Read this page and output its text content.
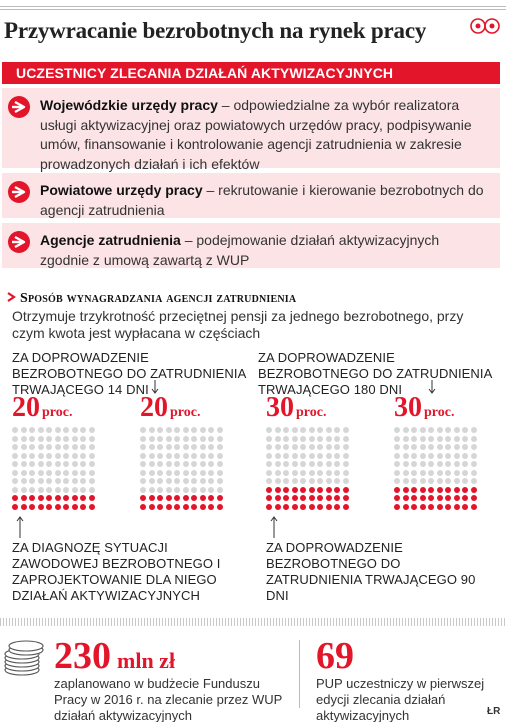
Przywracanie bezrobotnych na rynek pracy
UCZESTNICY ZLECANIA DZIAŁAŃ AKTYWIZACYJNYCH
Wojewódzkie urzędy pracy – odpowiedzialne za wybór realizatora usługi aktywizacyjnej oraz powiatowych urzędów pracy, podpisywanie umów, finansowanie i kontrolowanie agencji zatrudnienia w zakresie prowadzonych działań i ich efektów
Powiatowe urzędy pracy – rekrutowanie i kierowanie bezrobotnych do agencji zatrudnienia
Agencje zatrudnienia – podejmowanie działań aktywizacyjnych zgodnie z umową zawartą z WUP
Sposób wynagradzania agencji zatrudnienia
Otrzymuje trzykrotność przeciętnej pensji za jednego bezrobotnego, przy czym kwota jest wypłacana w częściach
ZA DOPROWADZENIE BEZROBOTNEGO DO ZATRUDNIENIA TRWAJĄCEGO 14 DNI
ZA DOPROWADZENIE BEZROBOTNEGO DO ZATRUDNIENIA TRWAJĄCEGO 180 DNI
20 proc. 20 proc. 30 proc. 30 proc.
ZA DIAGNOZĘ SYTUACJI ZAWODOWEJ BEZROBOTNEGO I ZAPROJEKTOWANIE DLA NIEGO DZIAŁAŃ AKTYWIZACYJNYCH
ZA DOPROWADZENIE BEZROBOTNEGO DO ZATRUDNIENIA TRWAJĄCEGO 90 DNI
230 mln zł
zaplanowano w budżecie Funduszu Pracy w 2016 r. na zlecanie przez WUP działań aktywizacyjnych
69
PUP uczestniczy w pierwszej edycji zlecania działań aktywizacyjnych	ŁR
